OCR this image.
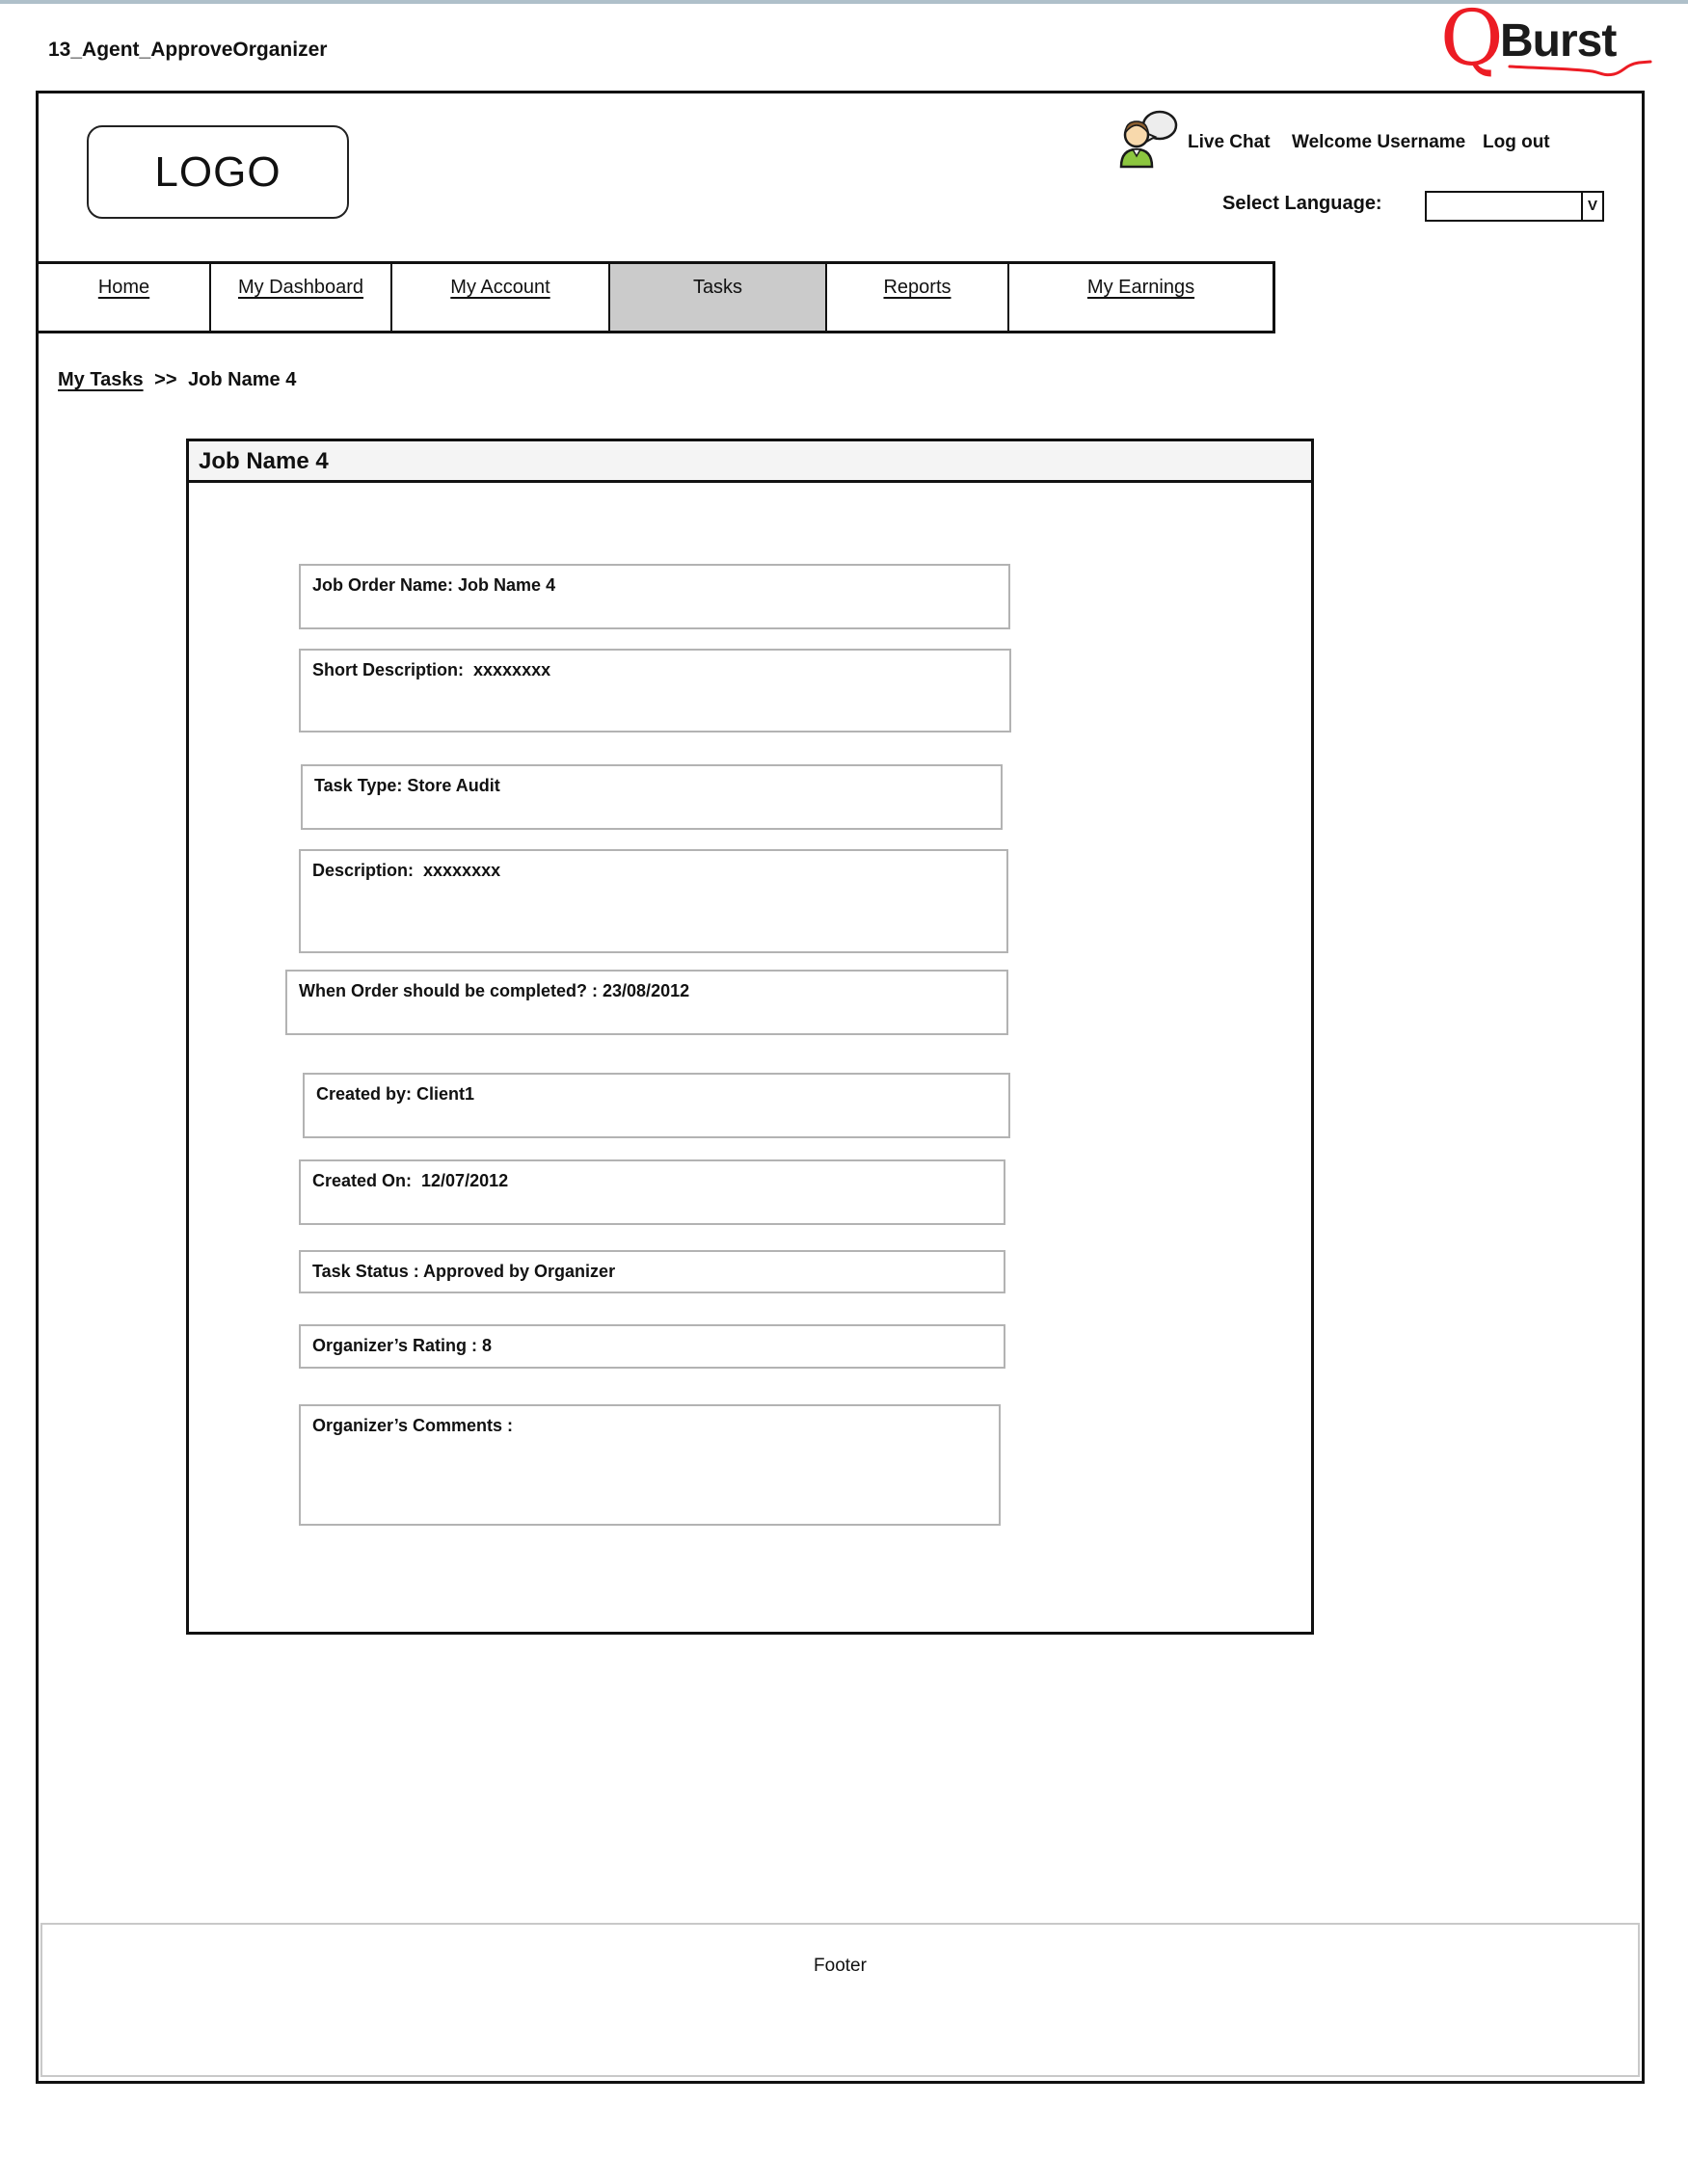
13_Agent_ApproveOrganizer	Q
Burst
LOGO
Live Chat Welcome Username Log out
Select Language:	V
Footer
Home	My Dashboard	My Account	Tasks	Reports	My Earnings
My Tasks >> Job Name 4
Job Name 4
Job Order Name: Job Name 4
Short Description:  xxxxxxxx
Task Type: Store Audit
Description:  xxxxxxxx
When Order should be completed? : 23/08/2012
Created by: Client1
Created On:  12/07/2012
Task Status : Approved by Organizer
Organizer’s Rating : 8
Organizer’s Comments :
